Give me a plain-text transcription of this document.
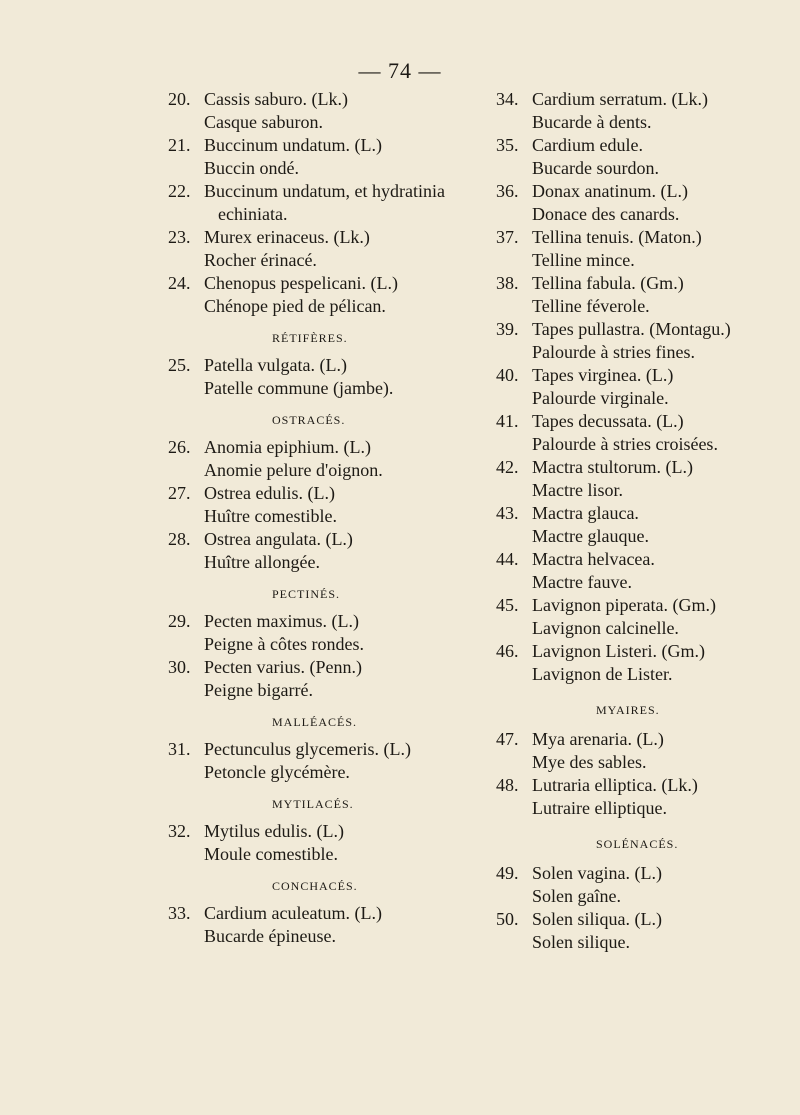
— 74 —
20. Cassis saburo. (Lk.)
Casque saburon.
21. Buccinum undatum. (L.)
Buccin ondé.
22. Buccinum undatum, et hydratinia
echiniata.
23. Murex erinaceus. (Lk.)
Rocher érinacé.
24. Chenopus pespelicani. (L.)
Chénope pied de pélican.
RÉTIFÈRES.
25. Patella vulgata. (L.)
Patelle commune (jambe).
OSTRACÉS.
26. Anomia epiphium. (L.)
Anomie pelure d'oignon.
27. Ostrea edulis. (L.)
Huître comestible.
28. Ostrea angulata. (L.)
Huître allongée.
PECTINÉS.
29. Pecten maximus. (L.)
Peigne à côtes rondes.
30. Pecten varius. (Penn.)
Peigne bigarré.
MALLÉACÉS.
31. Pectunculus glycemeris. (L.)
Petoncle glycémère.
MYTILACÉS.
32. Mytilus edulis. (L.)
Moule comestible.
CONCHACÉS.
33. Cardium aculeatum. (L.)
Bucarde épineuse.
34. Cardium serratum. (Lk.)
Bucarde à dents.
35. Cardium edule.
Bucarde sourdon.
36. Donax anatinum. (L.)
Donace des canards.
37. Tellina tenuis. (Maton.)
Telline mince.
38. Tellina fabula. (Gm.)
Telline féverole.
39. Tapes pullastra. (Montagu.)
Palourde à stries fines.
40. Tapes virginea. (L.)
Palourde virginale.
41. Tapes decussata. (L.)
Palourde à stries croisées.
42. Mactra stultorum. (L.)
Mactre lisor.
43. Mactra glauca.
Mactre glauque.
44. Mactra helvacea.
Mactre fauve.
45. Lavignon piperata. (Gm.)
Lavignon calcinelle.
46. Lavignon Listeri. (Gm.)
Lavignon de Lister.
MYAIRES.
47. Mya arenaria. (L.)
Mye des sables.
48. Lutraria elliptica. (Lk.)
Lutraire elliptique.
SOLÉNACÉS.
49. Solen vagina. (L.)
Solen gaîne.
50. Solen siliqua. (L.)
Solen silique.
